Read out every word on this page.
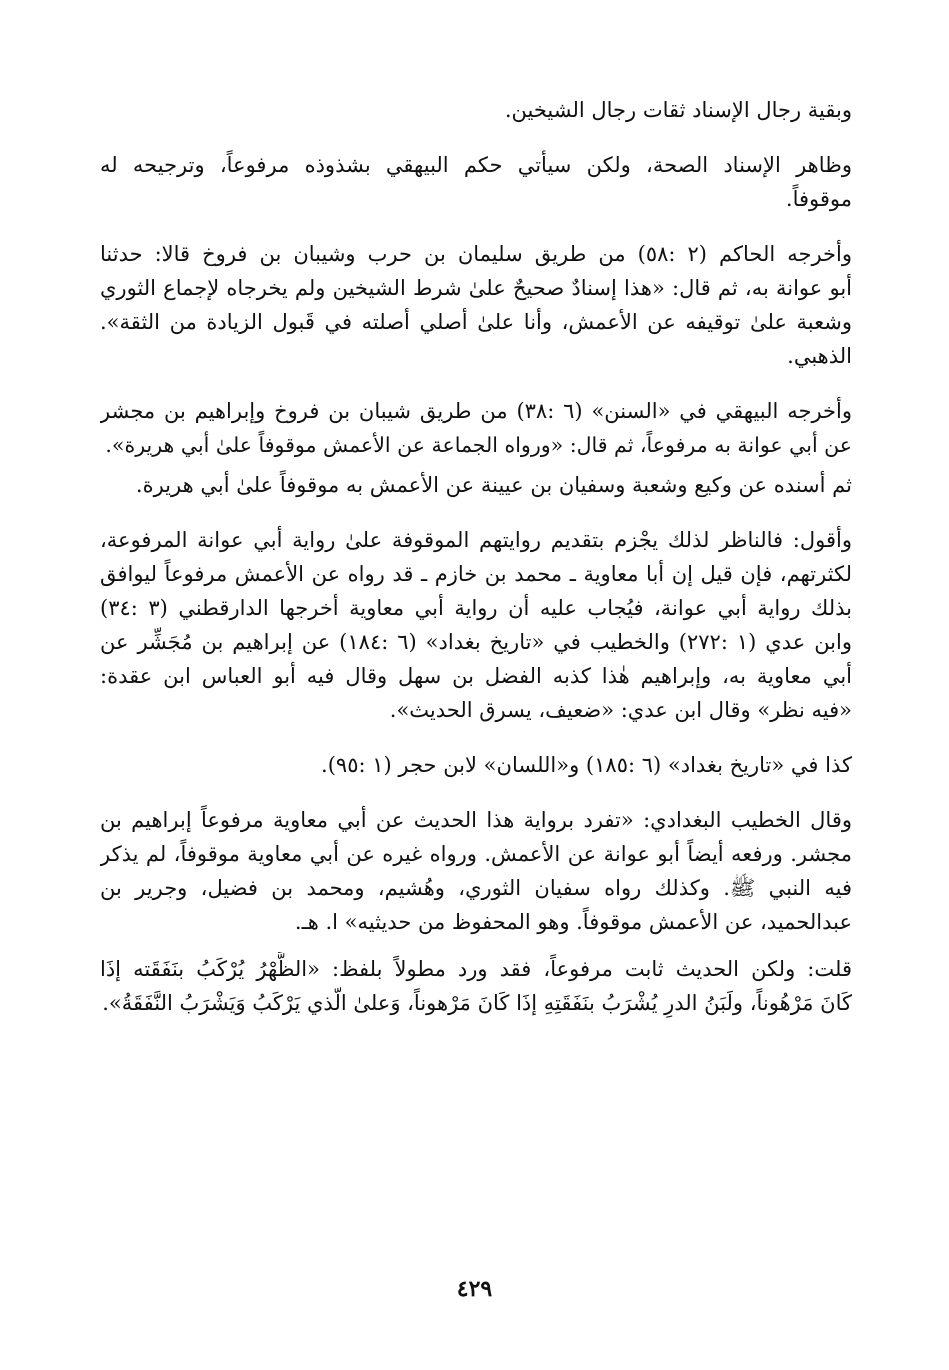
وبقية رجال الإسناد ثقات رجال الشيخين.

وظاهر الإسناد الصحة، ولكن سيأتي حكم البيهقي بشذوذه مرفوعاً، وترجيحه له
موقوفاً.

وأخرجه الحاكم (٢ :٥٨) من طريق سليمان بن حرب وشيبان بن فروخ قالا: حدثنا
أبو عوانة به، ثم قال: «هذا إسنادٌ صحيحٌ علىٰ شرط الشيخين ولم يخرجاه لإجماع الثوري
وشعبة علىٰ توقيفه عن الأعمش، وأنا علىٰ أصلي أصلته في قَبول الزيادة من الثقة».
الذهبي.

وأخرجه البيهقي في «السنن» (٦ :٣٨) من طريق شيبان بن فروخ وإبراهيم بن مجشر
عن أبي عوانة به مرفوعاً، ثم قال: «ورواه الجماعة عن الأعمش موقوفاً علىٰ أبي هريرة».

ثم أسنده عن وكيع وشعبة وسفيان بن عيينة عن الأعمش به موقوفاً علىٰ أبي هريرة.

وأقول: فالناظر لذلك يجْزم بتقديم روايتهم الموقوفة علىٰ رواية أبي عوانة المرفوعة،
لكثرتهم، فإن قيل إن أبا معاوية ـ محمد بن خازم ـ قد رواه عن الأعمش مرفوعاً ليوافق
بذلك رواية أبي عوانة، فيُجاب عليه أن رواية أبي معاوية أخرجها الدارقطني (٣ :٣٤)
وابن عدي (١ :٢٧٢) والخطيب في «تاريخ بغداد» (٦ :١٨٤) عن إبراهيم بن مُجَشِّر عن
أبي معاوية به، وإبراهيم هٰذا كذبه الفضل بن سهل وقال فيه أبو العباس ابن عقدة:
«فيه نظر» وقال ابن عدي: «ضعيف، يسرق الحديث».

كذا في «تاريخ بغداد» (٦ :١٨٥) و«اللسان» لابن حجر (١ :٩٥).

وقال الخطيب البغدادي: «تفرد برواية هذا الحديث عن أبي معاوية مرفوعاً إبراهيم بن
مجشر. ورفعه أيضاً أبو عوانة عن الأعمش. ورواه غيره عن أبي معاوية موقوفاً، لم يذكر
فيه النبي ﷺ. وكذلك رواه سفيان الثوري، وهُشيم، ومحمد بن فضيل، وجرير بن
عبدالحميد، عن الأعمش موقوفاً. وهو المحفوظ من حديثيه» ا. هـ.

قلت: ولكن الحديث ثابت مرفوعاً، فقد ورد مطولاً بلفظ: «الظَّهْرُ يُرْكَبُ بنَفَقَته إذَا
كَانَ مَرْهُوناً، ولَبَنُ الدرِ يُشْرَبُ بنَفَقَتِهِ إذَا كَانَ مَرْهوناً، وَعلىٰ الّذي يَرْكَبُ وَيَشْرَبُ النَّفَقَةُ».

٤٢٩
